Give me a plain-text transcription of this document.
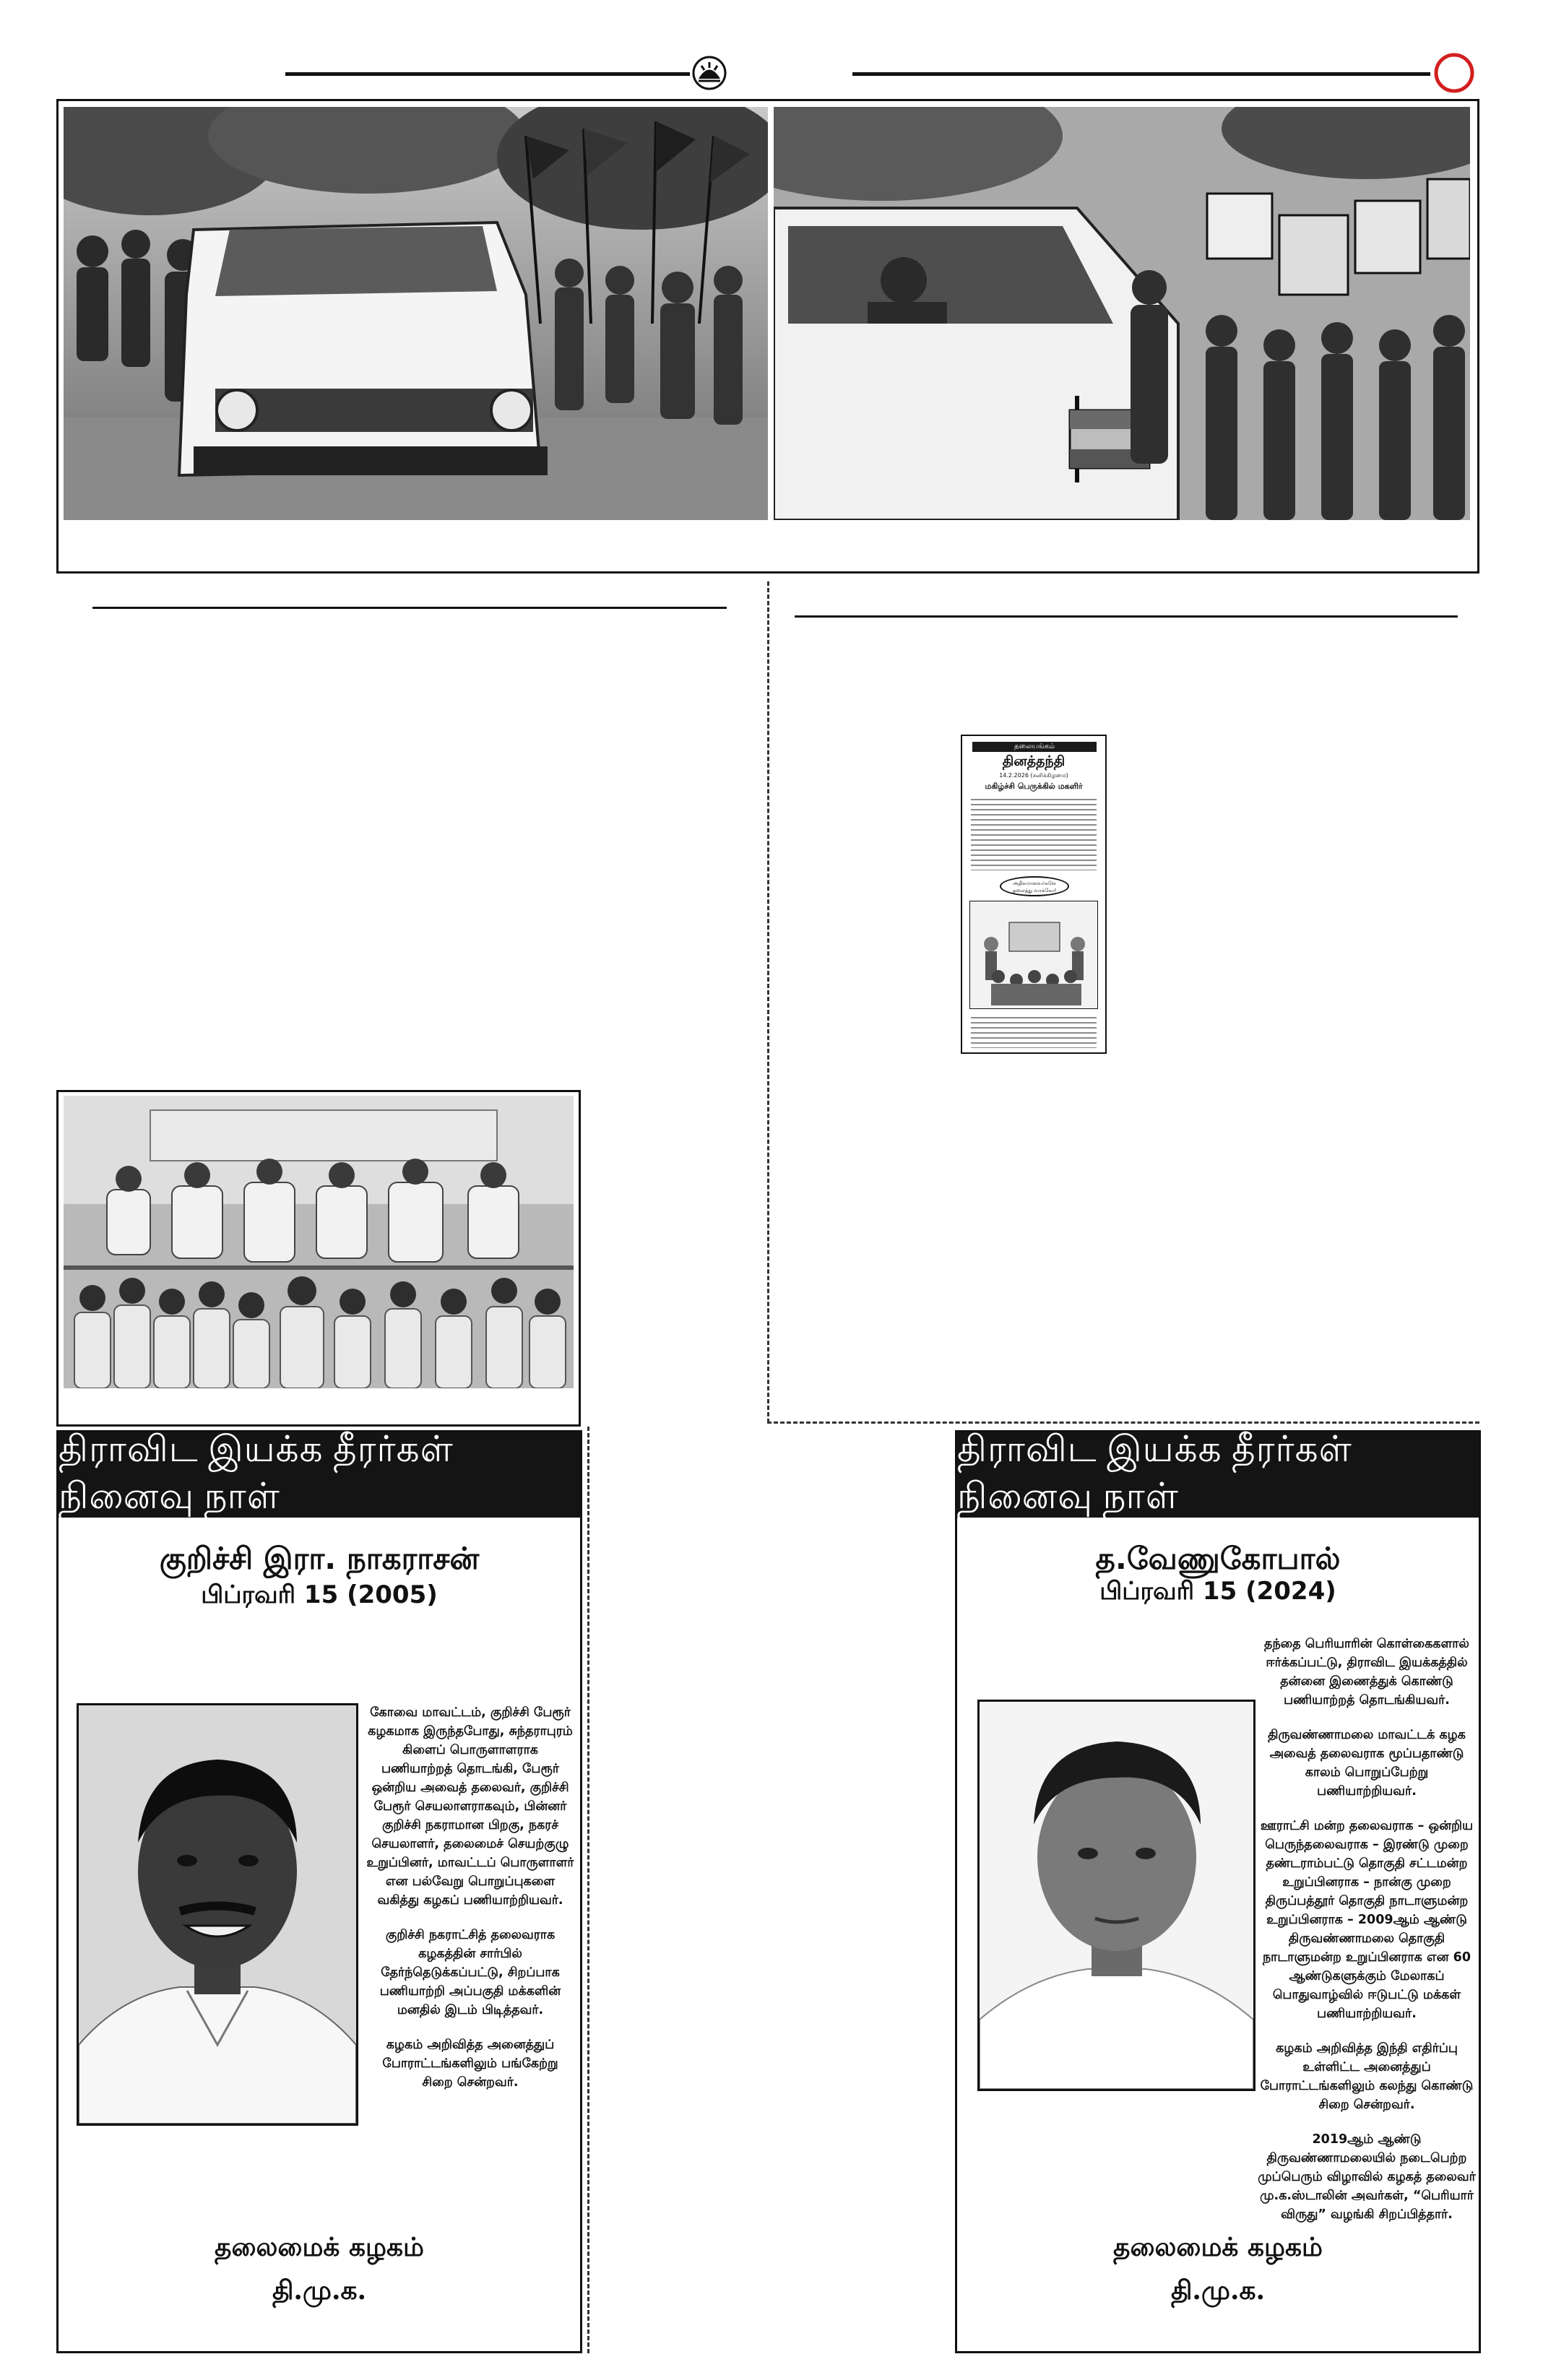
தலையங்கம்
தினத்தந்தி
14.2.2026 (சனிக்கிழமை)
மகிழ்ச்சி பெருக்கில் மகளிர்
அதிகமானவர்களே
தலைத்து வாக்கோ!
திராவிட இயக்க தீரர்கள் நினைவு நாள்
குறிச்சி இரா. நாகராசன்
பிப்ரவரி 15 (2005)

கோவை மாவட்டம், குறிச்சி பேரூர் கழகமாக இருந்தபோது, சுந்தராபுரம் கிளைப் பொருளாளராக பணியாற்றத் தொடங்கி, பேரூர் ஒன்றிய அவைத் தலைவர், குறிச்சி பேரூர் செயலாளராகவும், பின்னர் குறிச்சி நகராமான பிறகு, நகரச் செயலாளர், தலைமைச் செயற்குழு உறுப்பினர், மாவட்டப் பொருளாளர் என பல்வேறு பொறுப்புகளை வகித்து கழகப் பணியாற்றியவர்.

குறிச்சி நகராட்சித் தலைவராக கழகத்தின் சார்பில் தேர்ந்தெடுக்கப்பட்டு, சிறப்பாக பணியாற்றி அப்பகுதி மக்களின் மனதில் இடம் பிடித்தவர்.

கழகம் அறிவித்த அனைத்துப் போராட்டங்களிலும் பங்கேற்று சிறை சென்றவர்.

தலைமைக் கழகம்
தி.மு.க.
திராவிட இயக்க தீரர்கள் நினைவு நாள்
த.வேணுகோபால்
பிப்ரவரி 15 (2024)

தந்தை பெரியாரின் கொள்கைகளால் ஈர்க்கப்பட்டு, திராவிட இயக்கத்தில் தன்னை இணைத்துக் கொண்டு பணியாற்றத் தொடங்கியவர்.

திருவண்ணாமலை மாவட்டக் கழக அவைத் தலைவராக மூப்பதாண்டு காலம் பொறுப்பேற்று பணியாற்றியவர்.

ஊராட்சி மன்ற தலைவராக – ஒன்றிய பெருந்தலைவராக – இரண்டு முறை தண்டராம்பட்டு தொகுதி சட்டமன்ற உறுப்பினராக – நான்கு முறை திருப்பத்தூர் தொகுதி நாடாளுமன்ற உறுப்பினராக – 2009ஆம் ஆண்டு திருவண்ணாமலை தொகுதி நாடாளுமன்ற உறுப்பினராக என 60 ஆண்டுகளுக்கும் மேலாகப் பொதுவாழ்வில் ஈடுபட்டு மக்கள் பணியாற்றியவர்.

கழகம் அறிவித்த இந்தி எதிர்ப்பு உள்ளிட்ட அனைத்துப் போராட்டங்களிலும் கலந்து கொண்டு சிறை சென்றவர்.

2019ஆம் ஆண்டு திருவண்ணாமலையில் நடைபெற்ற முப்பெரும் விழாவில் கழகத் தலைவர் மு.க.ஸ்டாலின் அவர்கள், “பெரியார் விருது” வழங்கி சிறப்பித்தார்.

தலைமைக் கழகம்
தி.மு.க.
